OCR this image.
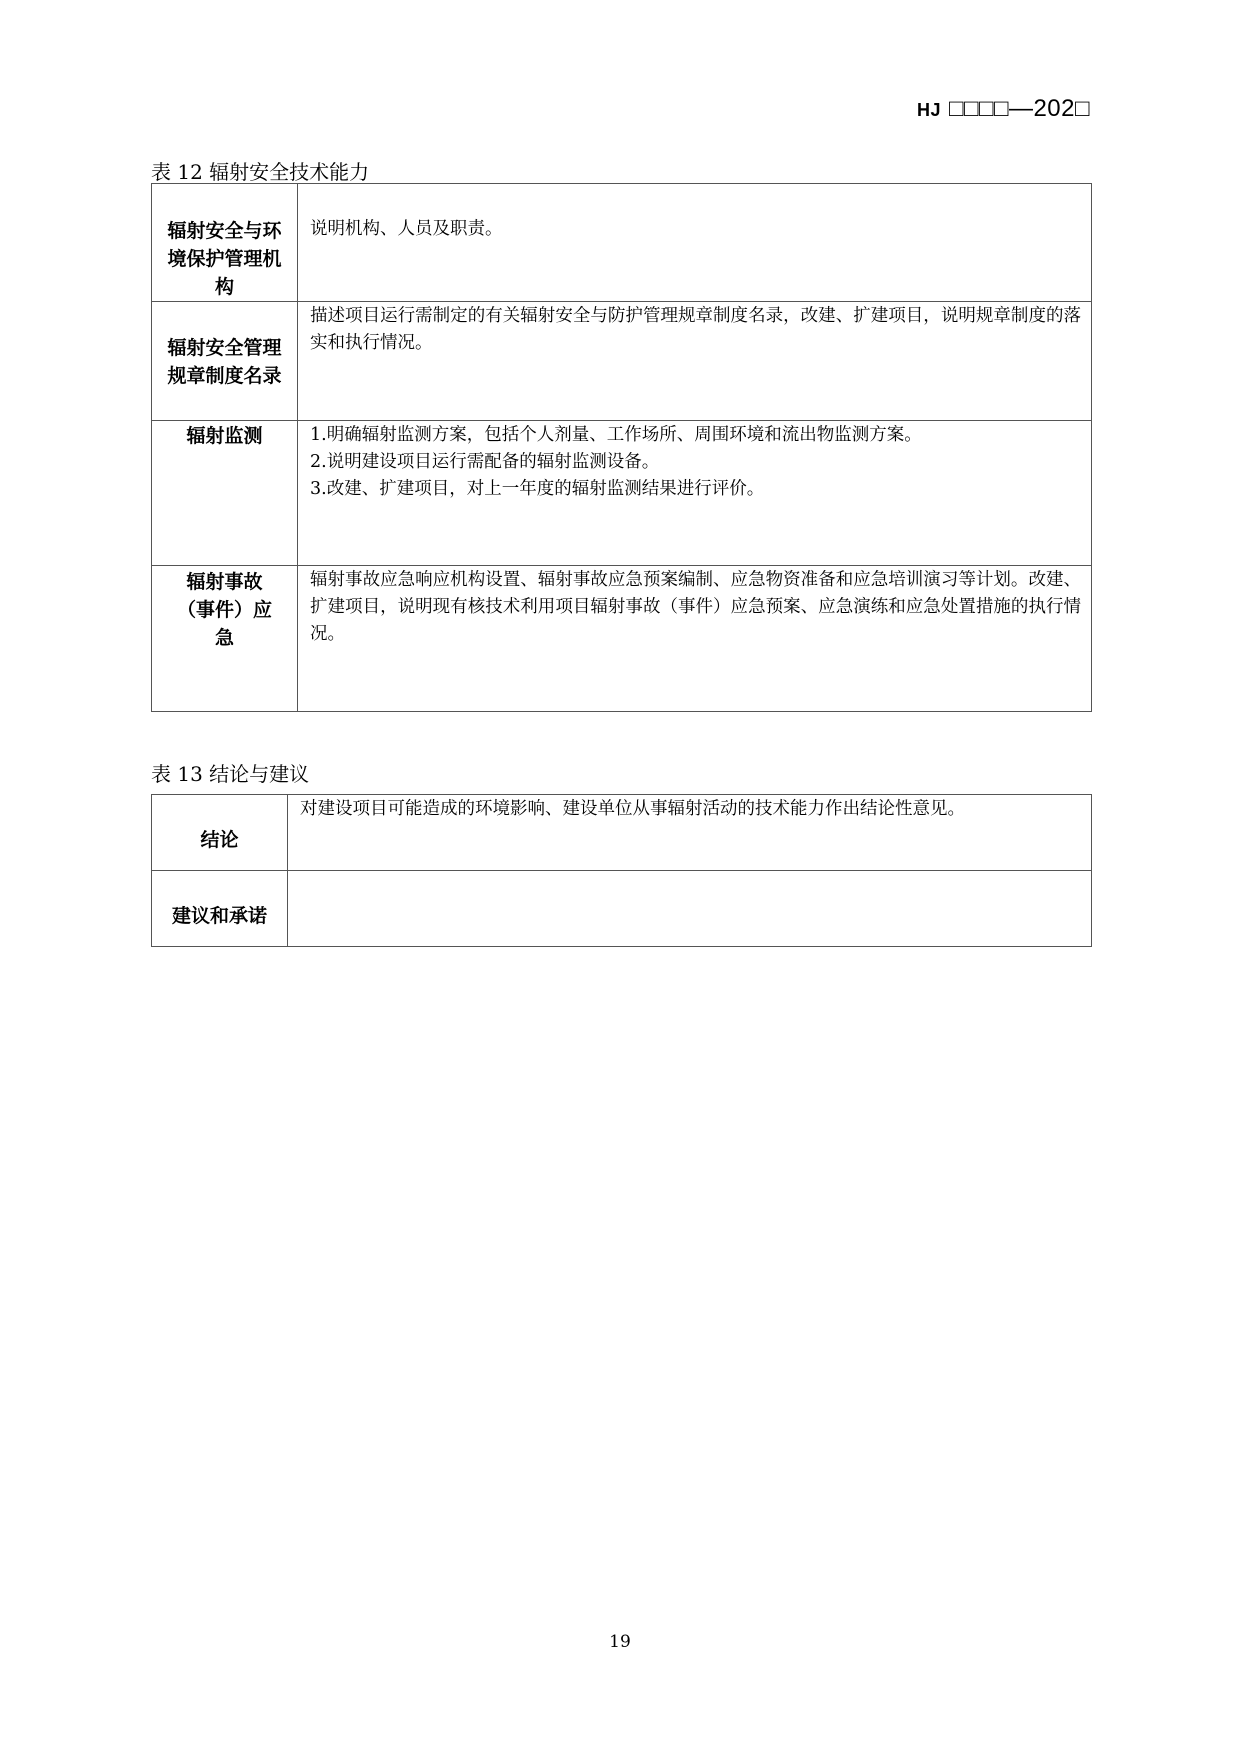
HJ □□□□—202□
表 12 辐射安全技术能力
辐射安全与环境保护管理机构	说明机构、人员及职责。

辐射安全管理规章制度名录	描述项目运行需制定的有关辐射安全与防护管理规章制度名录，改建、扩建项目，说明规章制度的落实和执行情况。

辐射监测	1.明确辐射监测方案，包括个人剂量、工作场所、周围环境和流出物监测方案。

2.说明建设项目运行需配备的辐射监测设备。

3.改建、扩建项目，对上一年度的辐射监测结果进行评价。

辐射事故（事件）应急	辐射事故应急响应机构设置、辐射事故应急预案编制、应急物资准备和应急培训演习等计划。改建、扩建项目，说明现有核技术利用项目辐射事故（事件）应急预案、应急演练和应急处置措施的执行情况。

表 13 结论与建议
结论	对建设项目可能造成的环境影响、建设单位从事辐射活动的技术能力作出结论性意见。

建议和承诺	

19
